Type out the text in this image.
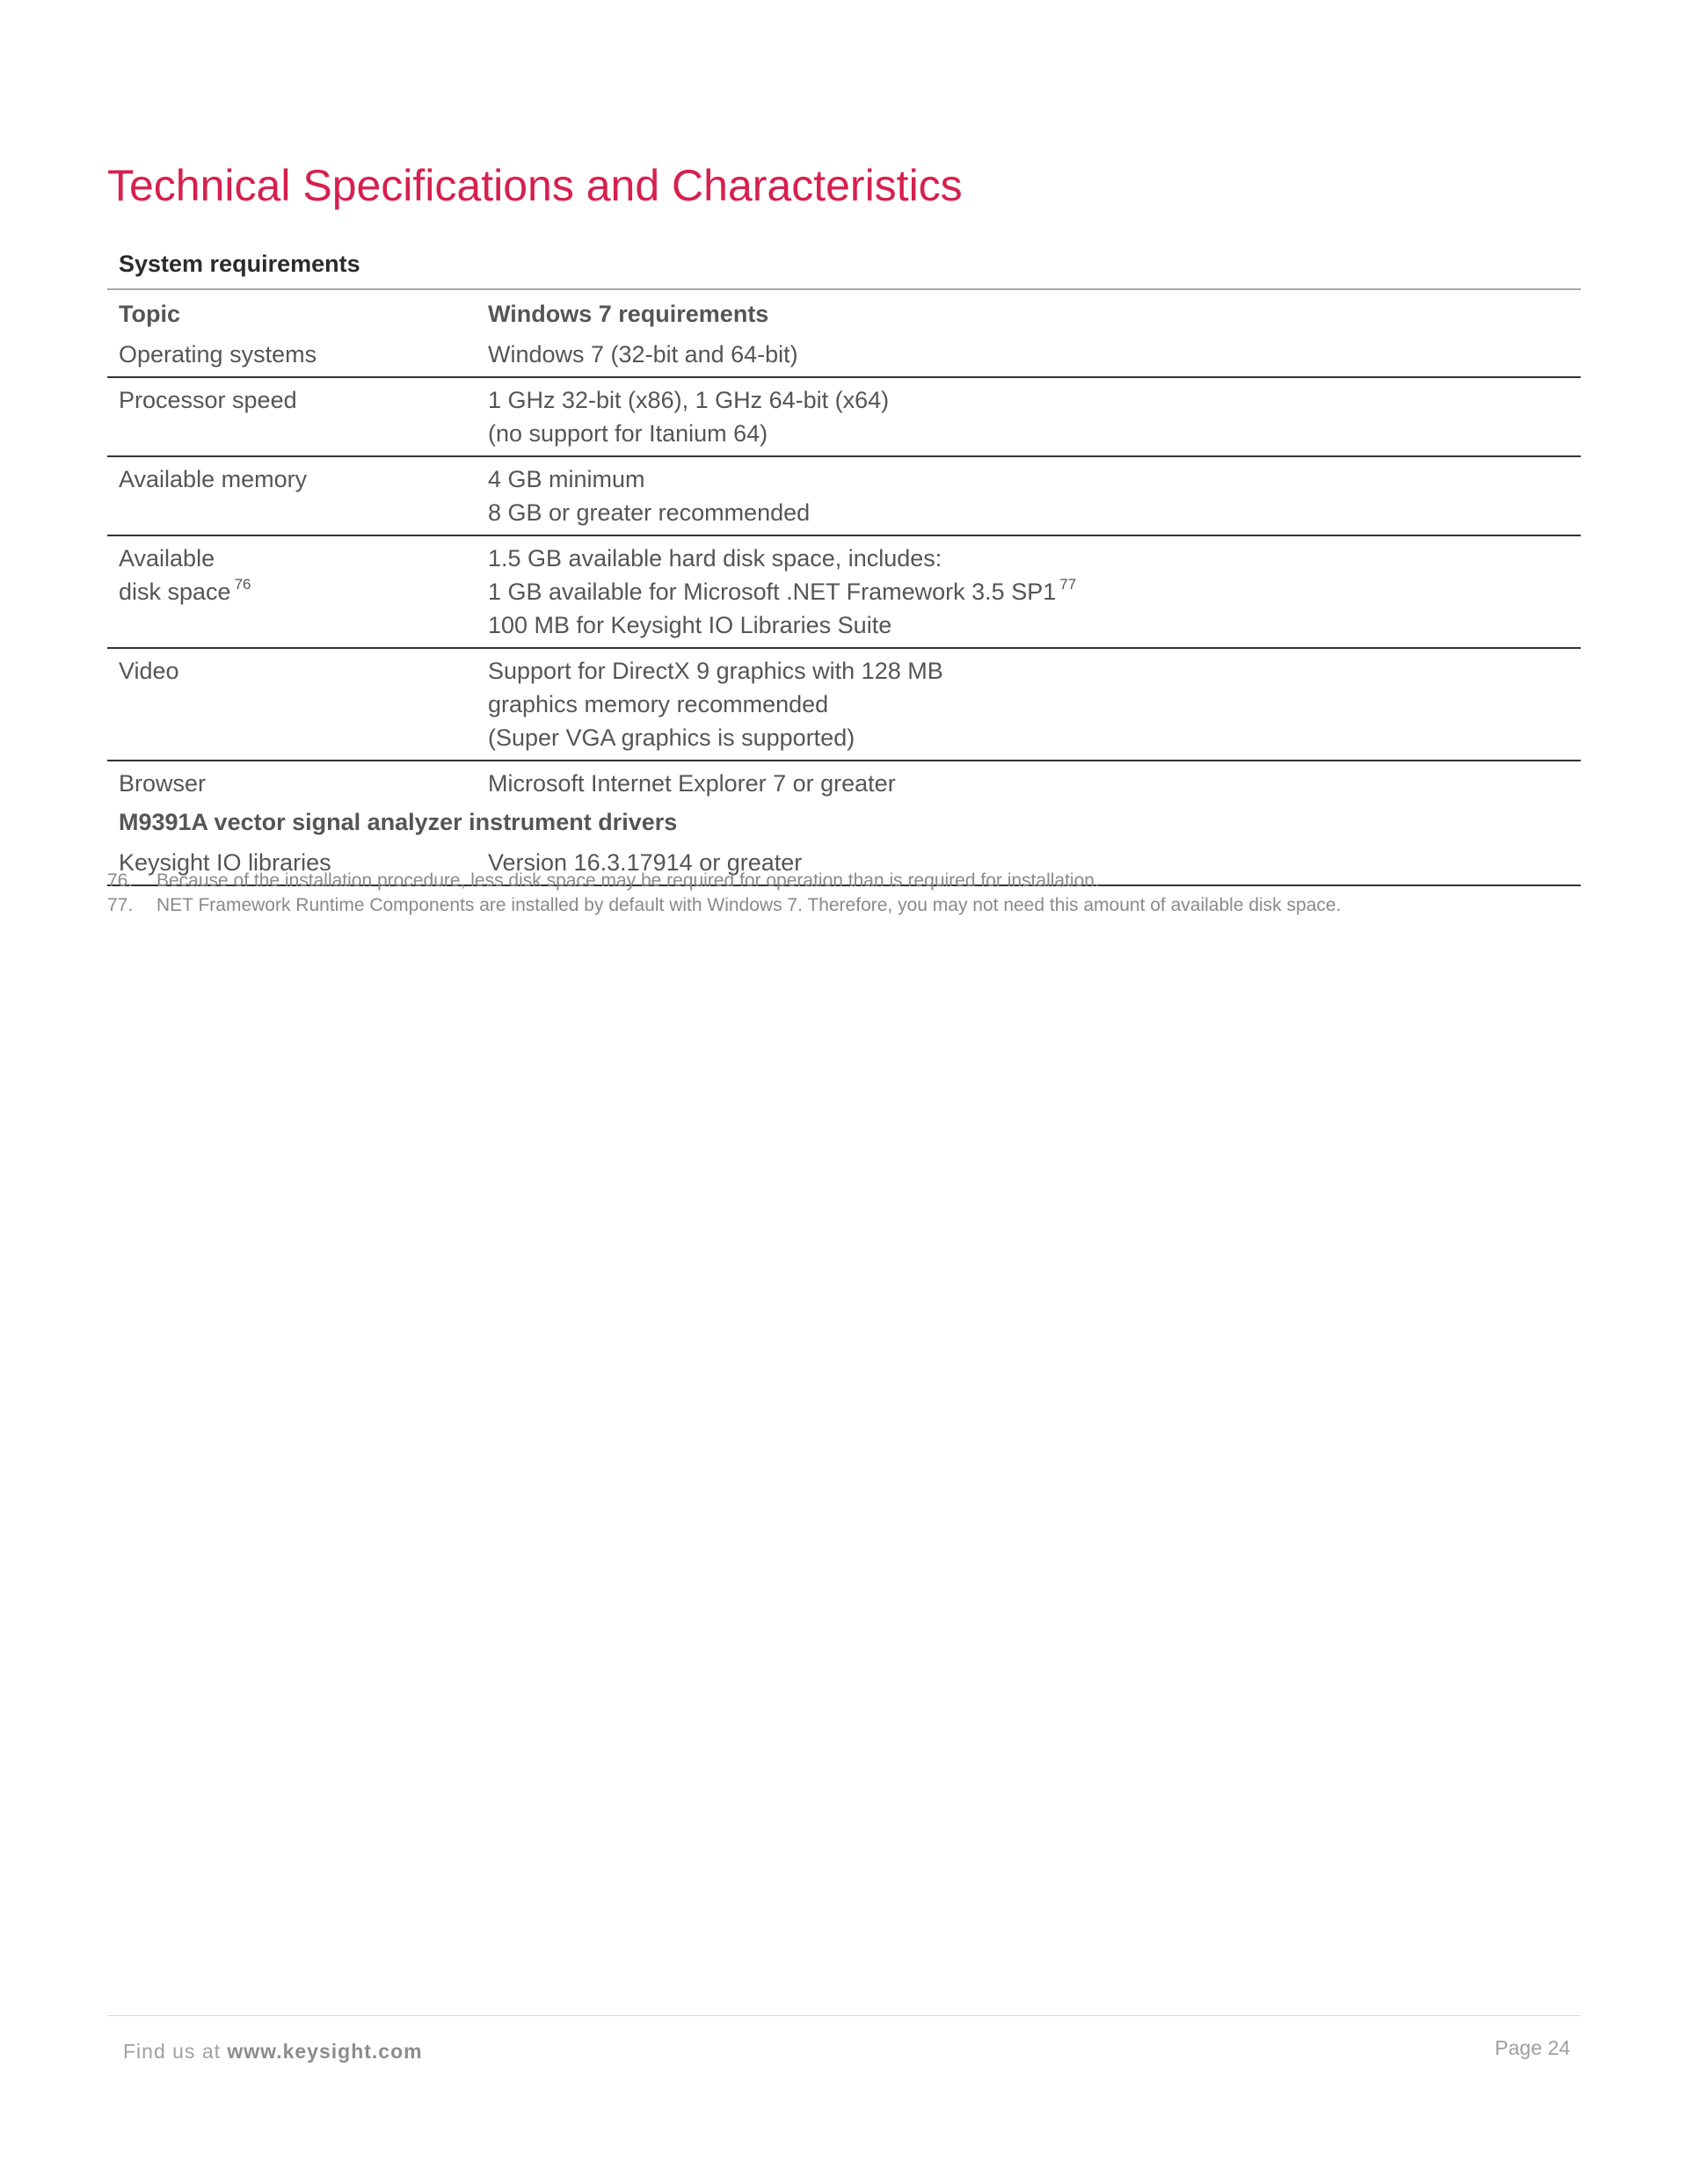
Technical Specifications and Characteristics
System requirements
Topic	Windows 7 requirements

Operating systems	Windows 7 (32-bit and 64-bit)

Processor speed	1 GHz 32-bit (x86), 1 GHz 64-bit (x64)
(no support for Itanium 64)

Available memory	4 GB minimum
8 GB or greater recommended

Available
disk space $^{76}$	1.5 GB available hard disk space, includes:
1 GB available for Microsoft .NET Framework 3.5 SP1 $^{77}$
100 MB for Keysight IO Libraries Suite

Video	Support for DirectX 9 graphics with 128 MB
graphics memory recommended
(Super VGA graphics is supported)

Browser	Microsoft Internet Explorer 7 or greater

M9391A vector signal analyzer instrument drivers	
Keysight IO libraries	Version 16.3.17914 or greater
76. Because of the installation procedure, less disk space may be required for operation than is required for installation.
77. NET Framework Runtime Components are installed by default with Windows 7. Therefore, you may not need this amount of available disk space.
Find us at www.keysight.com	Page 24
